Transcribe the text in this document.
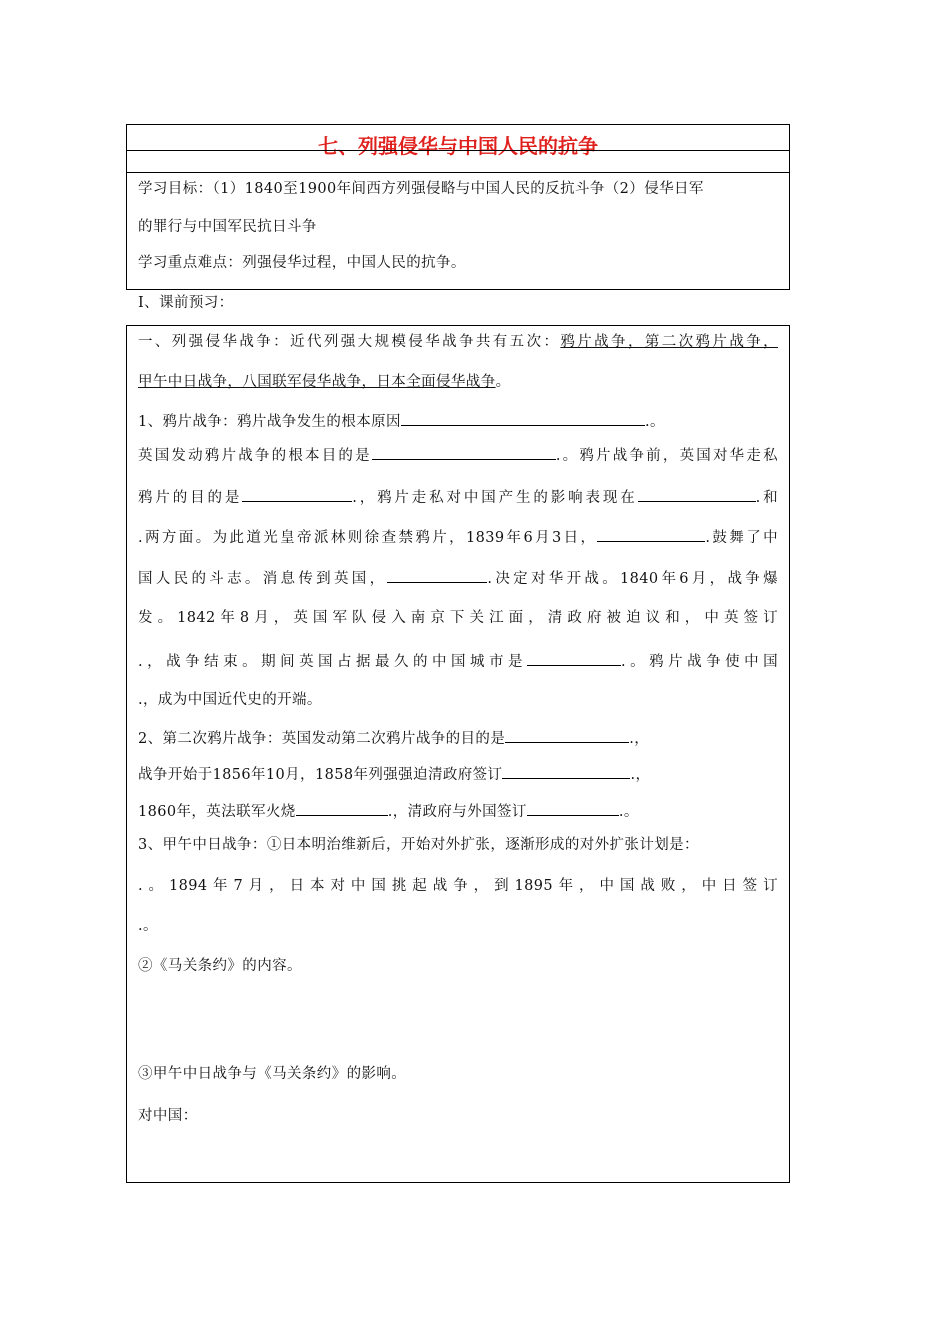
七、列强侵华与中国人民的抗争
学习目标：（1）1840至1900年间西方列强侵略与中国人民的反抗斗争（2）侵华日军
的罪行与中国军民抗日斗争
学习重点难点：列强侵华过程，中国人民的抗争。
Ⅰ、课前预习：
一、列强侵华战争：近代列强大规模侵华战争共有五次：鸦片战争，第二次鸦片战争，
甲午中日战争，八国联军侵华战争，日本全面侵华战争。
1、鸦片战争：鸦片战争发生的根本原因	.。
英国发动鸦片战争的根本目的是	.。鸦片战争前，英国对华走私
鸦片的目的是	.，鸦片走私对中国产生的影响表现在	.和
.两方面。为此道光皇帝派林则徐查禁鸦片，1839年6月3日，	.鼓舞了中
国人民的斗志。消息传到英国，	.决定对华开战。1840年6月，战争爆
发。1842年8月，英国军队侵入南京下关江面，清政府被迫议和，中英签订
.，战争结束。期间英国占据最久的中国城市是	.。鸦片战争使中国
.，成为中国近代史的开端。
2、第二次鸦片战争：英国发动第二次鸦片战争的目的是	.，
战争开始于1856年10月，1858年列强强迫清政府签订	.，
1860年，英法联军火烧	.，清政府与外国签订	.。
3、甲午中日战争：①日本明治维新后，开始对外扩张，逐渐形成的对外扩张计划是：
.。1894年7月，日本对中国挑起战争，到1895年，中国战败，中日签订
.。
②《马关条约》的内容。
③甲午中日战争与《马关条约》的影响。
对中国：
